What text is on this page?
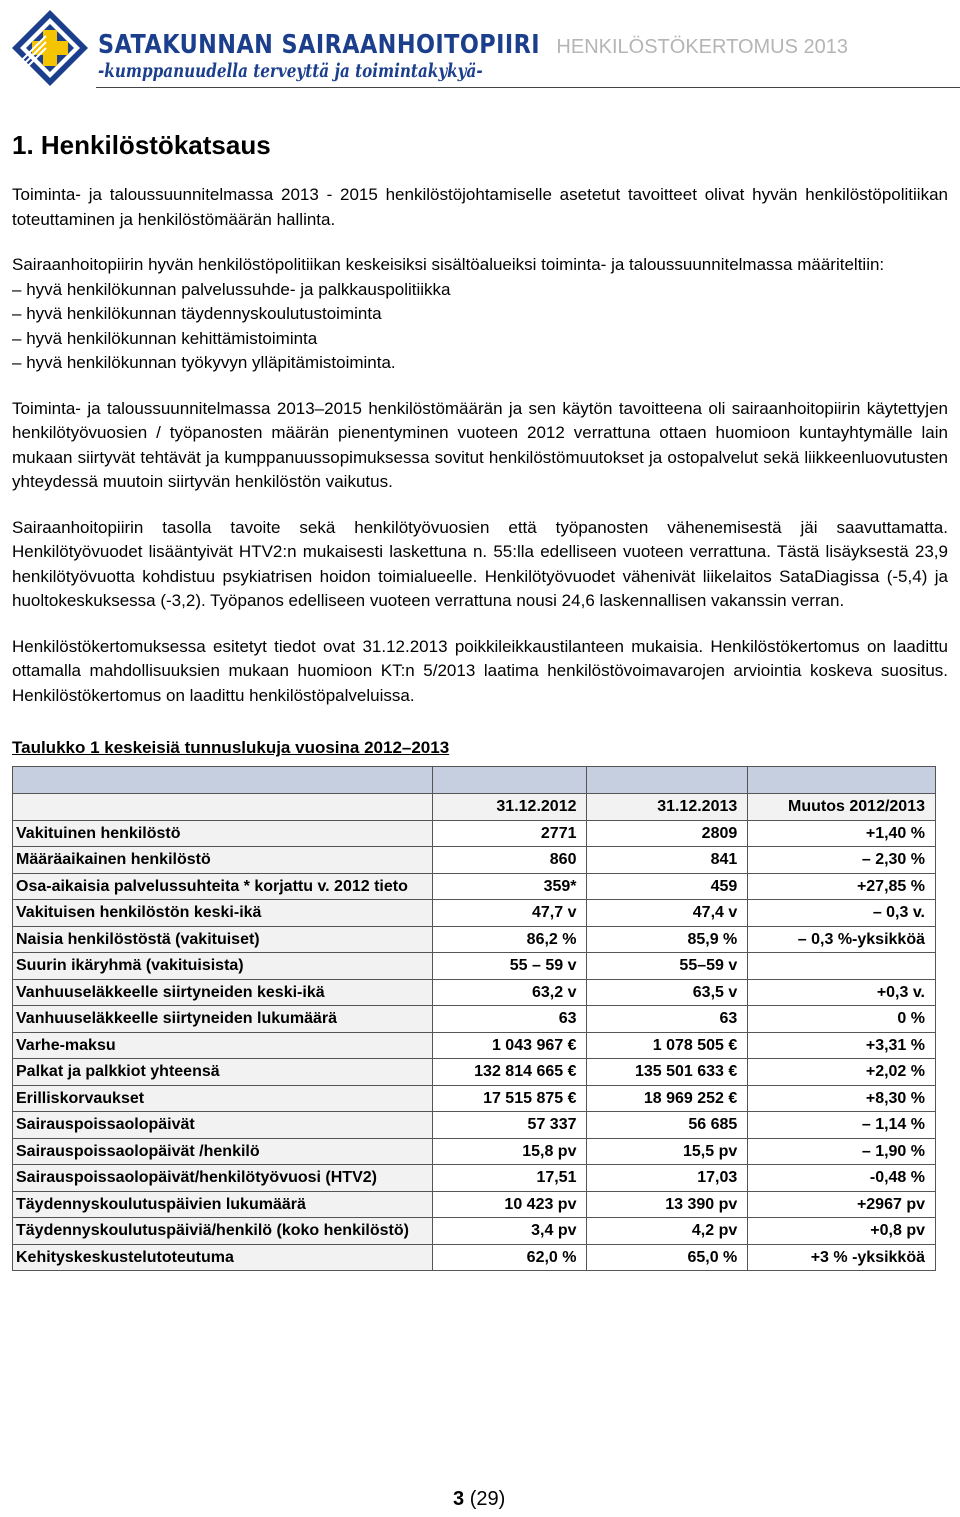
SATAKUNNAN SAIRAANHOITOPIIRI
-kumppanuudella terveyttä ja toimintakykyä-
HENKILÖSTÖKERTOMUS 2013
1. Henkilöstökatsaus

Toiminta- ja taloussuunnitelmassa 2013 - 2015 henkilöstöjohtamiselle asetetut tavoitteet olivat hyvän henkilöstöpolitiikan toteuttaminen ja henkilöstömäärän hallinta.

Sairaanhoitopiirin hyvän henkilöstöpolitiikan keskeisiksi sisältöalueiksi toiminta- ja taloussuunnitelmassa määriteltiin:

– hyvä henkilökunnan palvelussuhde- ja palkkauspolitiikka
– hyvä henkilökunnan täydennyskoulutustoiminta
– hyvä henkilökunnan kehittämistoiminta
– hyvä henkilökunnan työkyvyn ylläpitämistoiminta.

Toiminta- ja taloussuunnitelmassa 2013–2015 henkilöstömäärän ja sen käytön tavoitteena oli sairaanhoitopiirin käytettyjen henkilötyövuosien / työpanosten määrän pienentyminen vuoteen 2012 verrattuna ottaen huomioon kuntayhtymälle lain mukaan siirtyvät tehtävät ja kumppanuussopimuksessa sovitut henkilöstömuutokset ja ostopalvelut sekä liikkeenluovutusten yhteydessä muutoin siirtyvän henkilöstön vaikutus.

Sairaanhoitopiirin tasolla tavoite sekä henkilötyövuosien että työpanosten vähenemisestä jäi saavuttamatta. Henkilötyövuodet lisääntyivät HTV2:n mukaisesti laskettuna n. 55:lla edelliseen vuoteen verrattuna. Tästä lisäyksestä 23,9 henkilötyövuotta kohdistuu psykiatrisen hoidon toimialueelle. Henkilötyövuodet vähenivät liikelaitos SataDiagissa (-5,4) ja huoltokeskuksessa (-3,2). Työpanos edelliseen vuoteen verrattuna nousi 24,6 laskennallisen vakanssin verran.

Henkilöstökertomuksessa esitetyt tiedot ovat 31.12.2013 poikkileikkaustilanteen mukaisia. Henkilöstökertomus on laadittu ottamalla mahdollisuuksien mukaan huomioon KT:n 5/2013 laatima henkilöstövoimavarojen arviointia koskeva suositus. Henkilöstökertomus on laadittu henkilöstöpalveluissa.

Taulukko 1 keskeisiä tunnuslukuja vuosina 2012–2013

	31.12.2012	31.12.2013	Muutos 2012/2013
Vakituinen henkilöstö	2771	2809	+1,40 %
Määräaikainen henkilöstö	860	841	– 2,30 %
Osa-aikaisia palvelussuhteita * korjattu v. 2012 tieto	359*	459	+27,85 %
Vakituisen henkilöstön keski-ikä	47,7 v	47,4 v	– 0,3 v.
Naisia henkilöstöstä (vakituiset)	86,2 %	85,9 %	– 0,3 %-yksikköä
Suurin ikäryhmä (vakituisista)	55 – 59 v	55–59 v	
Vanhuuseläkkeelle siirtyneiden keski-ikä	63,2 v	63,5 v	+0,3 v.
Vanhuuseläkkeelle siirtyneiden lukumäärä	63	63	0 %
Varhe-maksu	1 043 967 €	1 078 505 €	+3,31 %
Palkat ja palkkiot yhteensä	132 814 665 €	135 501 633 €	+2,02 %
Erilliskorvaukset	17 515 875 €	18 969 252 €	+8,30 %
Sairauspoissaolopäivät	57 337	56 685	– 1,14 %
Sairauspoissaolopäivät /henkilö	15,8 pv	15,5 pv	– 1,90 %
Sairauspoissaolopäivät/henkilötyövuosi (HTV2)	17,51	17,03	-0,48 %
Täydennyskoulutuspäivien lukumäärä	10 423 pv	13 390 pv	+2967 pv
Täydennyskoulutuspäiviä/henkilö (koko henkilöstö)	3,4 pv	4,2 pv	+0,8 pv
Kehityskeskustelutoteutuma	62,0 %	65,0 %	+3 % -yksikköä
3 (29)
